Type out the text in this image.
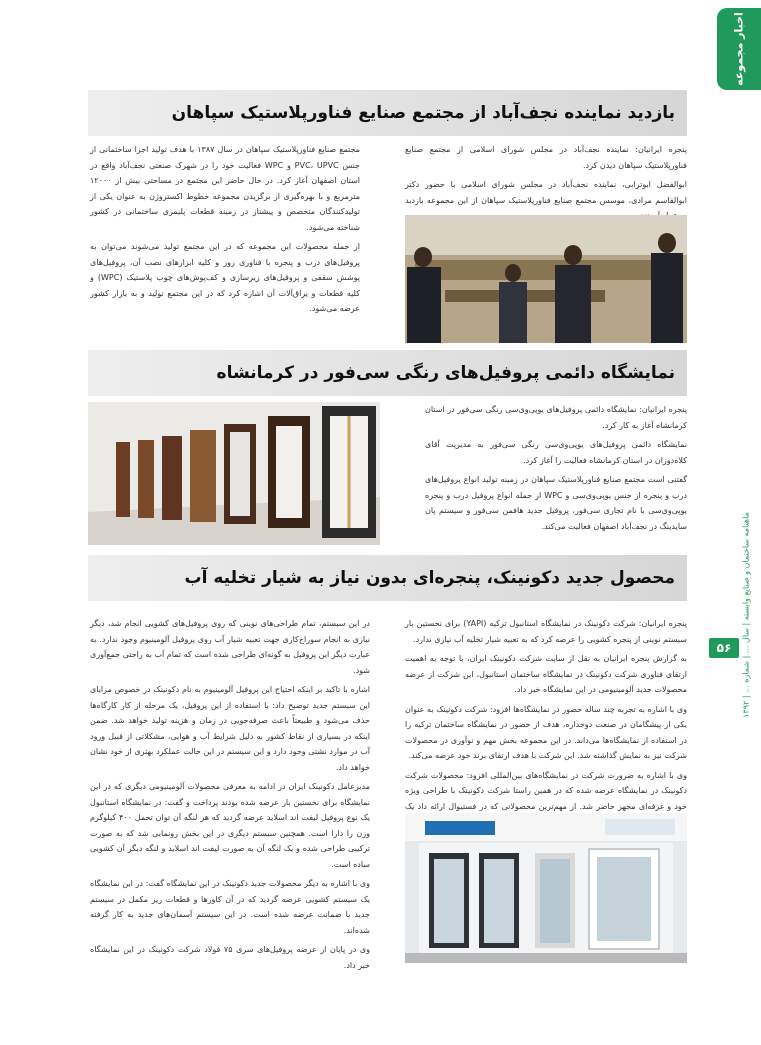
اخبار مجموعه
ماهنامه ساختمان و صنایع وابسته | سال ... | شماره ... | ۱۳۹۲
۵۶
بازدید نماینده نجف‌آباد از مجتمع صنایع فناورپلاستیک سپاهان

پنجره ایرانیان: نماینده نجف‌آباد در مجلس شورای اسلامی از مجتمع صنایع فناورپلاستیک سپاهان دیدن کرد.

ابوالفضل ابوترابی، نماینده نجف‌آباد در مجلس شورای اسلامی با حضور دکتر ابوالقاسم مرادی، موسس مجتمع صنایع فناورپلاستیک سپاهان از این مجموعه بازدید

مجتمع صنایع فناورپلاستیک سپاهان در سال ۱۳۸۷ با هدف تولید اجزا ساختمانی از جنس PVC، UPVC و WPC فعالیت خود را در شهرک صنعتی نجف‌آباد واقع در استان اصفهان آغاز کرد. در حال حاضر این مجتمع در مساحتی بیش از ۱۲۰۰۰ مترمربع و با بهره‌گیری از برگزیدن مجموعه خطوط اکستروژن به عنوان یکی از تولیدکنندگان متخصص و پیشتاز در زمینه قطعات پلیمری ساختمانی در کشور شناخته می‌شود.

از جمله محصولات این مجموعه که در این مجتمع تولید می‌شوند می‌توان به پروفیل‌های درب و پنجره با فناوری روز و کلیه ابزارهای نصب آن، پروفیل‌های پوشش سقفی و پروفیل‌های زیرسازی و کف‌پوش‌های چوب پلاستیک (WPC) و کلیه قطعات و یراق‌آلات آن اشاره کرد که در این مجتمع تولید و به بازار کشور عرضه می‌شود.

نمایشگاه دائمی پروفیل‌های رنگی سی‌فور در کرمانشاه

پنجره ایرانیان: نمایشگاه دائمی پروفیل‌های یوپی‌وی‌سی رنگی سی‌فور در استان کرمانشاه آغاز به کار کرد.

نمایشگاه دائمی پروفیل‌های یوپی‌وی‌سی رنگی سی‌فور به مدیریت آقای کلاه‌دوزان در استان کرمانشاه فعالیت را آغاز کرد.

گفتنی است مجتمع صنایع فناورپلاستیک سپاهان در زمینه تولید انواع پروفیل‌های درب و پنجره از جنس یوپی‌وی‌سی و WPC از جمله انواع پروفیل درب و پنجره یوپی‌وی‌سی با نام تجاری سی‌فور، پروفیل جدید هافمن سی‌فور و سیستم پان سایدینگ در نجف‌آباد اصفهان فعالیت می‌کند.

محصول جدید دکونینک، پنجره‌ای بدون نیاز به شیار تخلیه آب

پنجره ایرانیان: شرکت دکونینک در نمایشگاه استانبول ترکیه (YAPI) برای نخستین بار سیستم نوینی از پنجره کشویی را عرضه کرد که به تعبیه شیار تخلیه آب نیازی ندارد.

به گزارش پنجره ایرانیان به نقل از سایت شرکت دکونینک ایران، با توجه به اهمیت ارتقای فناوری شرکت دکونینک در نمایشگاه ساختمان استانبول، این شرکت از عرضه محصولات جدید آلومینیومی در این نمایشگاه خبر داد.

وی با اشاره به تجربه چند ساله حضور در نمایشگاه‌ها افزود: شرکت دکونینک به عنوان یکی از پیشگامان در صنعت دوجداره، هدف از حضور در نمایشگاه ساختمان ترکیه را در استفاده از نمایشگاه‌ها می‌داند. در این مجموعه بخش مهم و نوآوری در محصولات شرکت نیز به نمایش گذاشته شد. این شرکت با هدف ارتقای برند خود عرضه می‌کند.

وی با اشاره به ضرورت شرکت در نمایشگاه‌های بین‌المللی افزود: محصولات شرکت دکونینک در نمایشگاه عرضه شده که در همین راستا شرکت دکونینک با طراحی ویژه خود و غرفه‌ای مجهز حاضر شد. از مهم‌ترین محصولاتی که در فستیوال ارائه داد یک

در این سیستم، تمام طراحی‌های نوینی که روی پروفیل‌های کشویی انجام شد، دیگر نیازی به انجام سوراخ‌کاری جهت تعبیه شیار آب روی پروفیل آلومینیوم وجود ندارد. به عبارت دیگر این پروفیل به گونه‌ای طراحی شده است که تمام آب به راحتی جمع‌آوری شود.

اشاره با تاکید بر اینکه احتیاج این پروفیل آلومینیوم به نام دکونینک در خصوص مزایای این سیستم جدید توضیح داد: با استفاده از این پروفیل، یک مرحله از کار کارگاه‌ها حذف می‌شود و طبیعتاً باعث صرفه‌جویی در زمان و هزینه تولید خواهد شد. ضمن اینکه در بسیاری از نقاط کشور به دلیل شرایط آب و هوایی، مشکلاتی از قبیل ورود آب در موارد نشتی وجود دارد و این سیستم در این حالت عملکرد بهتری از خود نشان خواهد داد.

مدیرعامل دکونینک ایران در ادامه به معرفی محصولات آلومینیومی دیگری که در این نمایشگاه برای نخستین بار عرضه شده بودند پرداخت و گفت: در نمایشگاه استانبول یک نوع پروفیل لیفت اند اسلاید عرضه گردید که هر لنگه آن توان تحمل ۴۰۰ کیلوگرم وزن را دارا است. همچنین سیستم دیگری در این بخش رونمایی شد که به صورت ترکیبی طراحی شده و یک لنگه آن به صورت لیفت اند اسلاید و لنگه دیگر آن کشویی ساده است.

وی با اشاره به دیگر محصولات جدید دکونینک در این نمایشگاه گفت: در این نمایشگاه یک سیستم کشویی عرضه گردید که در آن کاورها و قطعات ریز مکمل در سیستم جدید با ضمانت عرضه شده است. در این سیستم آسمان‌های جدید به کار گرفته شده‌اند.

وی در پایان از عرضه پروفیل‌های سری ۷۵ فولاد شرکت دکونینک در این نمایشگاه خبر داد.
